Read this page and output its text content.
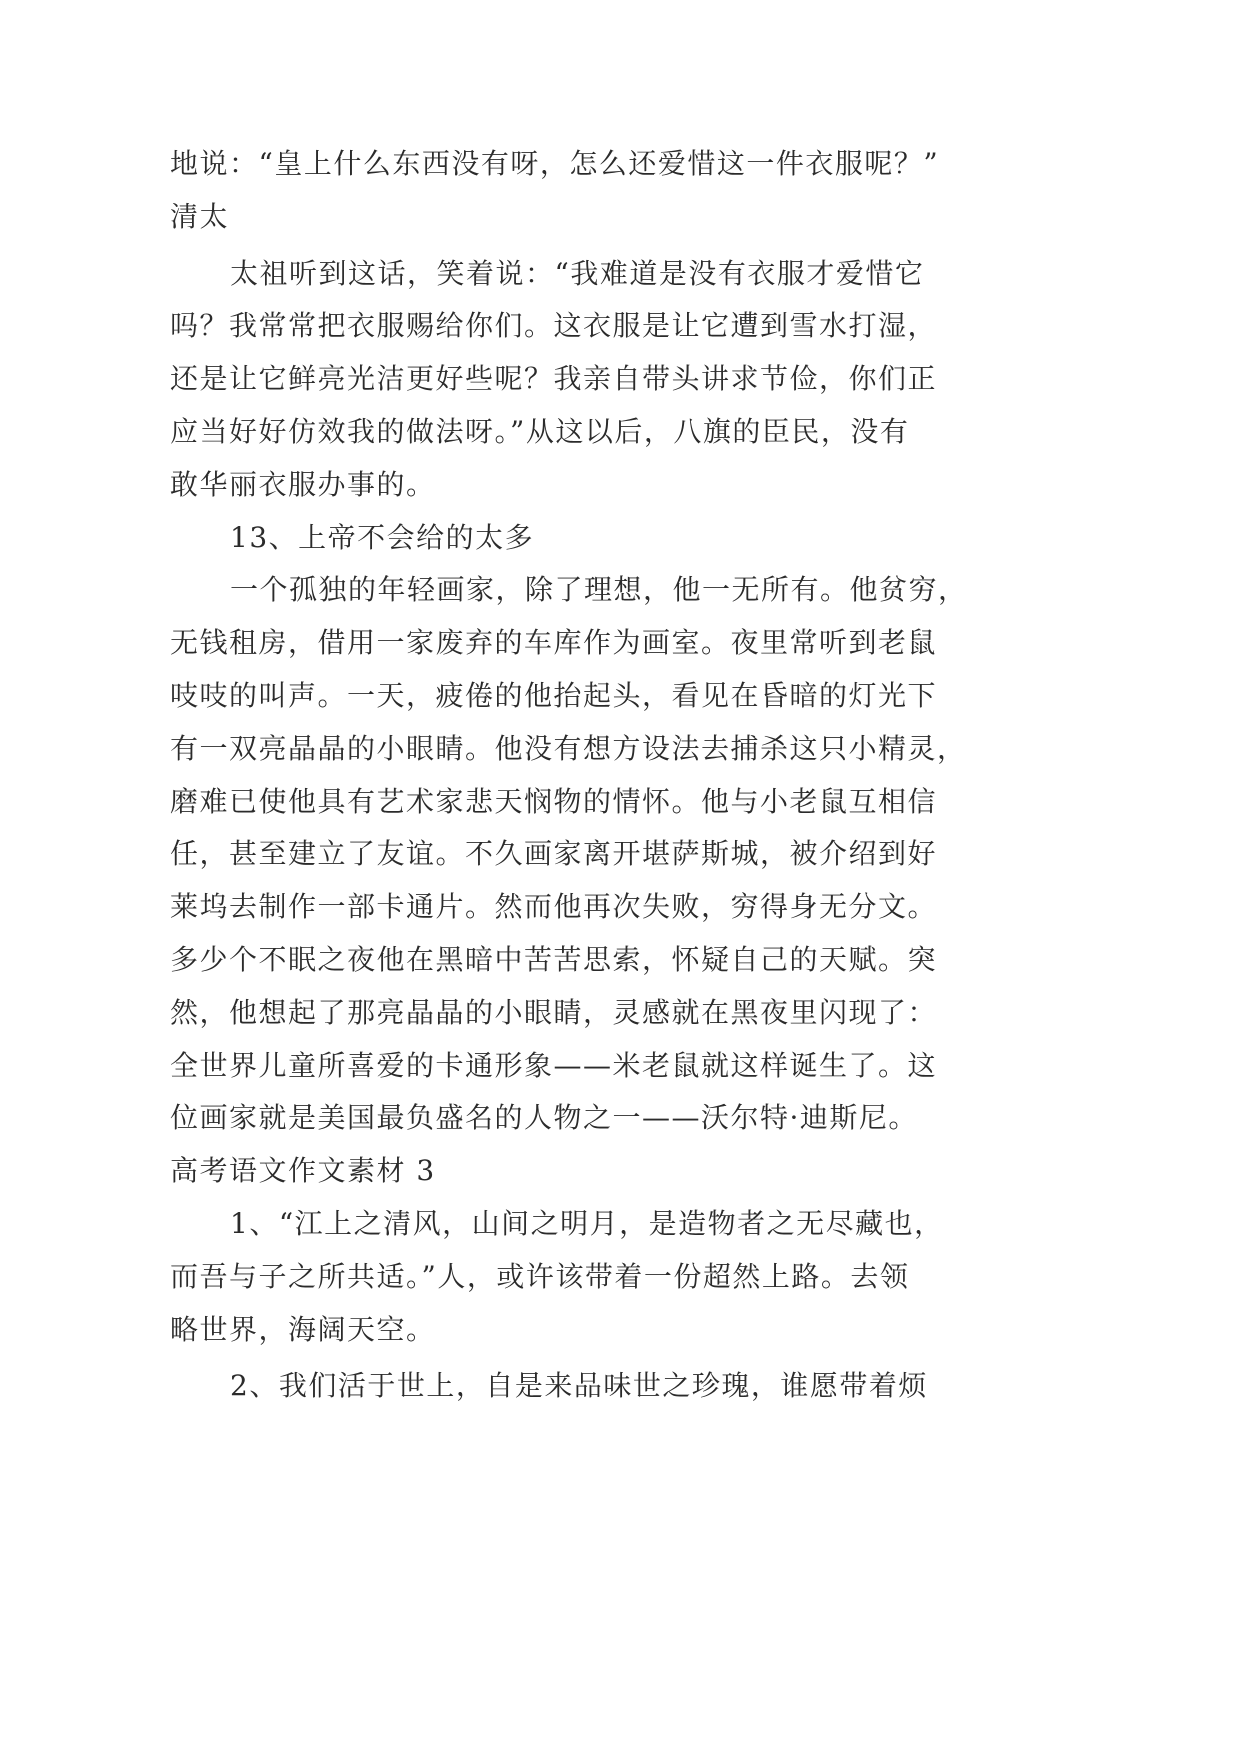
地说：“皇上什么东西没有呀，怎么还爱惜这一件衣服呢？”
清太
太祖听到这话，笑着说：“我难道是没有衣服才爱惜它
吗？我常常把衣服赐给你们。这衣服是让它遭到雪水打湿，
还是让它鲜亮光洁更好些呢？我亲自带头讲求节俭，你们正
应当好好仿效我的做法呀。”从这以后，八旗的臣民，没有
敢华丽衣服办事的。
13、上帝不会给的太多
一个孤独的年轻画家，除了理想，他一无所有。他贫穷，
无钱租房，借用一家废弃的车库作为画室。夜里常听到老鼠
吱吱的叫声。一天，疲倦的他抬起头，看见在昏暗的灯光下
有一双亮晶晶的小眼睛。他没有想方设法去捕杀这只小精灵，
磨难已使他具有艺术家悲天悯物的情怀。他与小老鼠互相信
任，甚至建立了友谊。不久画家离开堪萨斯城，被介绍到好
莱坞去制作一部卡通片。然而他再次失败，穷得身无分文。
多少个不眠之夜他在黑暗中苦苦思索，怀疑自己的天赋。突
然，他想起了那亮晶晶的小眼睛，灵感就在黑夜里闪现了：
全世界儿童所喜爱的卡通形象——米老鼠就这样诞生了。这
位画家就是美国最负盛名的人物之一——沃尔特·迪斯尼。
高考语文作文素材 3
1、“江上之清风，山间之明月，是造物者之无尽藏也，
而吾与子之所共适。”人，或许该带着一份超然上路。去领
略世界，海阔天空。
2、我们活于世上，自是来品味世之珍瑰，谁愿带着烦
